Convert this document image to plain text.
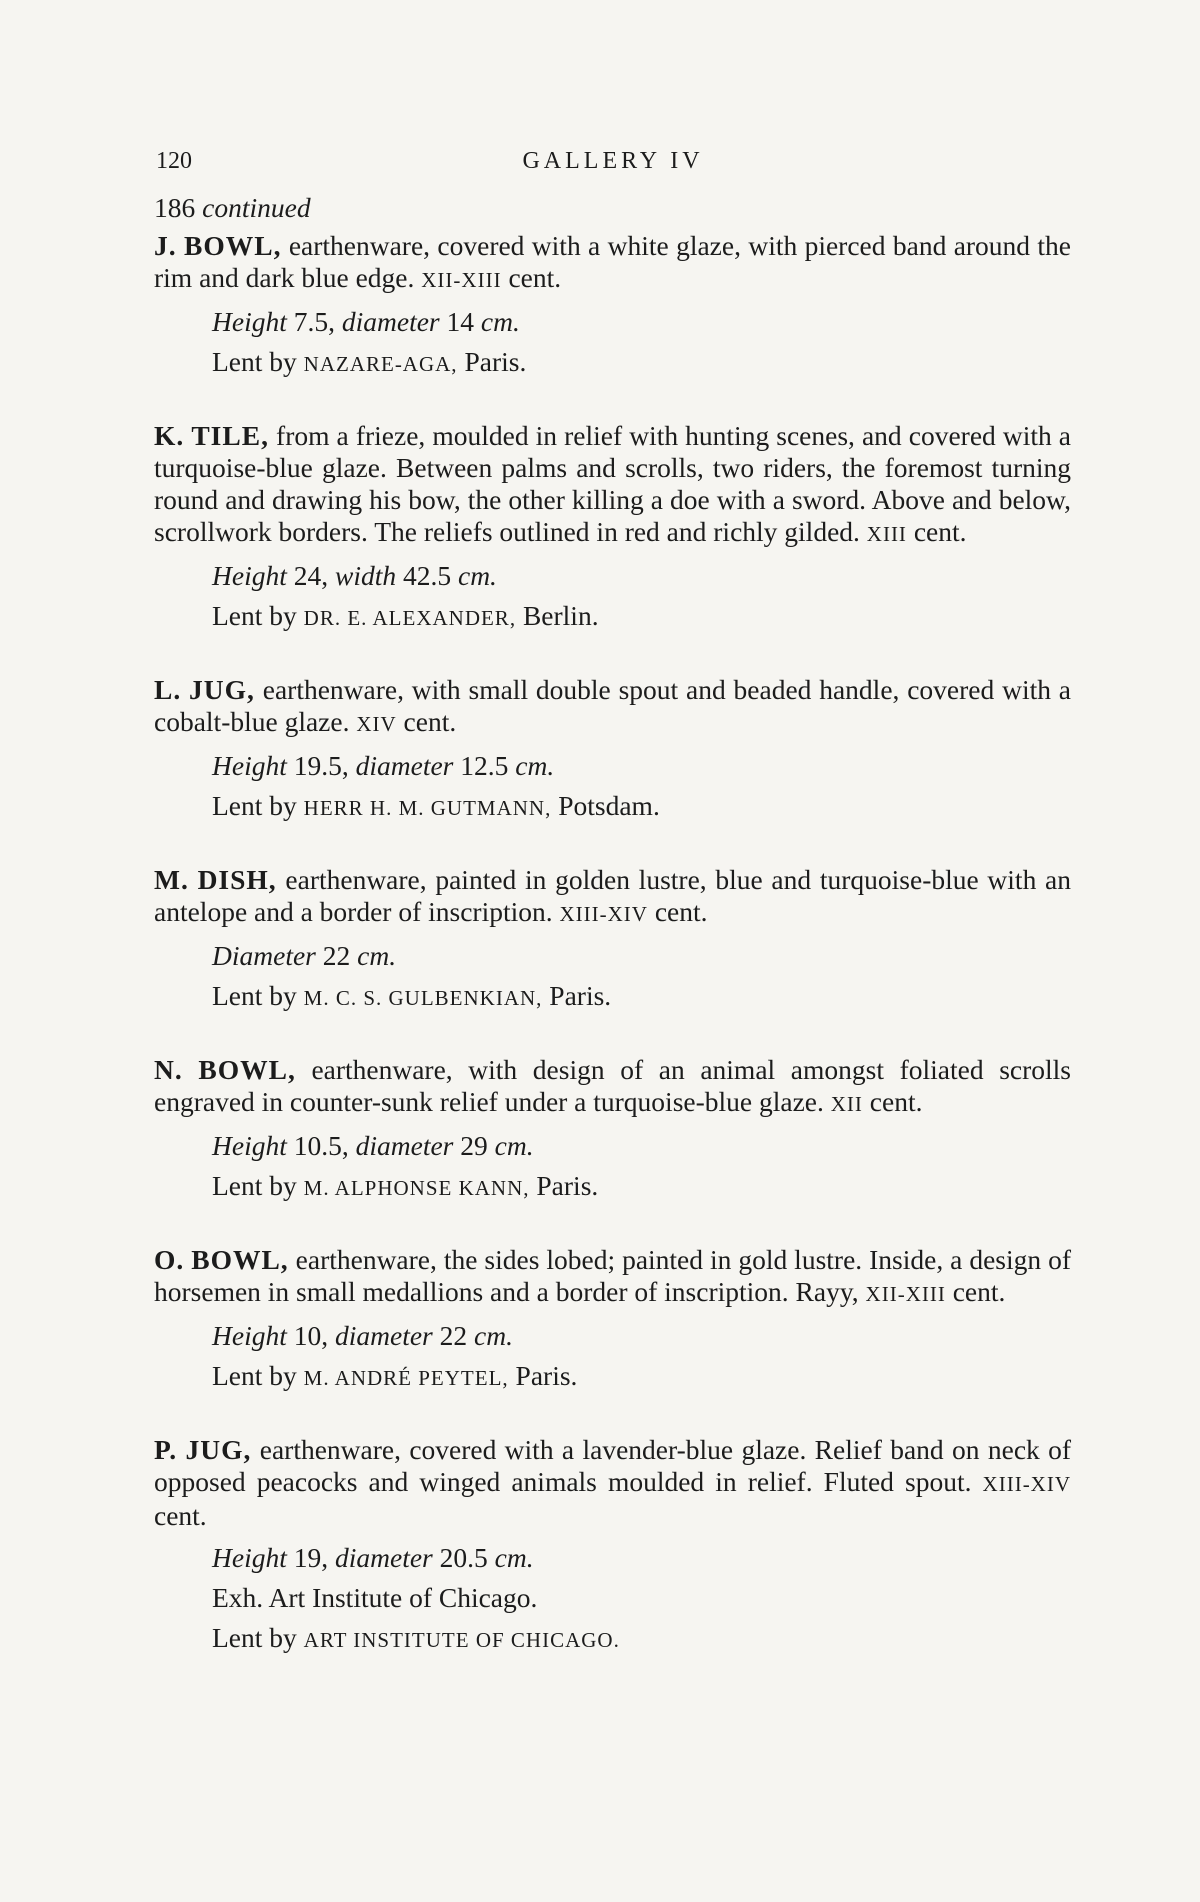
120	GALLERY IV

186 continued

J. BOWL, earthenware, covered with a white glaze, with pierced band around the rim and dark blue edge. XII-XIII cent.

Height 7.5, diameter 14 cm.

Lent by NAZARE-AGA, Paris.

K. TILE, from a frieze, moulded in relief with hunting scenes, and covered with a turquoise-blue glaze. Between palms and scrolls, two riders, the foremost turning round and drawing his bow, the other killing a doe with a sword. Above and below, scrollwork borders. The reliefs outlined in red and richly gilded. XIII cent.

Height 24, width 42.5 cm.

Lent by DR. E. ALEXANDER, Berlin.

L. JUG, earthenware, with small double spout and beaded handle, covered with a cobalt-blue glaze. XIV cent.

Height 19.5, diameter 12.5 cm.

Lent by HERR H. M. GUTMANN, Potsdam.

M. DISH, earthenware, painted in golden lustre, blue and turquoise-blue with an antelope and a border of inscription. XIII-XIV cent.

Diameter 22 cm.

Lent by M. C. S. GULBENKIAN, Paris.

N. BOWL, earthenware, with design of an animal amongst foliated scrolls engraved in counter-sunk relief under a turquoise-blue glaze. XII cent.

Height 10.5, diameter 29 cm.

Lent by M. ALPHONSE KANN, Paris.

O. BOWL, earthenware, the sides lobed; painted in gold lustre. Inside, a design of horsemen in small medallions and a border of inscription. Rayy, XII-XIII cent.

Height 10, diameter 22 cm.

Lent by M. ANDRÉ PEYTEL, Paris.

P. JUG, earthenware, covered with a lavender-blue glaze. Relief band on neck of opposed peacocks and winged animals moulded in relief. Fluted spout. XIII-XIV cent.

Height 19, diameter 20.5 cm.

Exh. Art Institute of Chicago.

Lent by ART INSTITUTE OF CHICAGO.
